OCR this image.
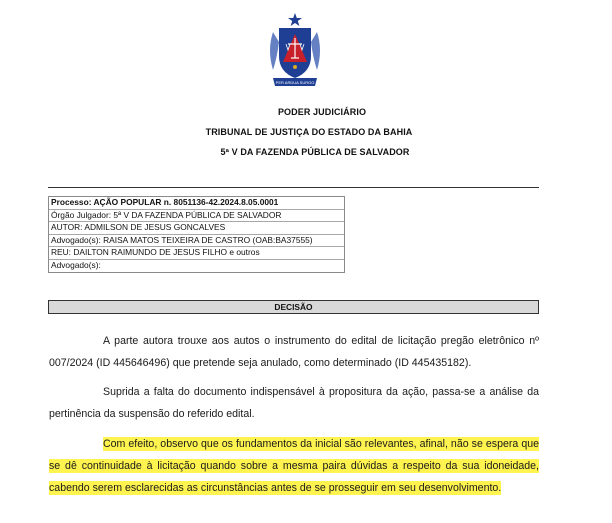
PER ARDUA SURGO
PODER JUDICIÁRIO
TRIBUNAL DE JUSTIÇA DO ESTADO DA BAHIA
5ª V DA FAZENDA PÚBLICA DE SALVADOR
Processo: AÇÃO POPULAR n. 8051136-42.2024.8.05.0001
Órgão Julgador: 5ª V DA FAZENDA PÚBLICA DE SALVADOR
AUTOR: ADMILSON DE JESUS GONCALVES
Advogado(s): RAISA MATOS TEIXEIRA DE CASTRO (OAB:BA37555)
REU: DAILTON RAIMUNDO DE JESUS FILHO e outros
Advogado(s):
DECISÃO
A parte autora trouxe aos autos o instrumento do edital de licitação pregão eletrônico nº 007/2024 (ID 445646496) que pretende seja anulado, como determinado (ID 445435182).
Suprida a falta do documento indispensável à propositura da ação, passa-se a análise da pertinência da suspensão do referido edital.
Com efeito, observo que os fundamentos da inicial são relevantes, afinal, não se espera que se dê continuidade à licitação quando sobre a mesma paira dúvidas a respeito da sua idoneidade, cabendo serem esclarecidas as circunstâncias antes de se prosseguir em seu desenvolvimento.
